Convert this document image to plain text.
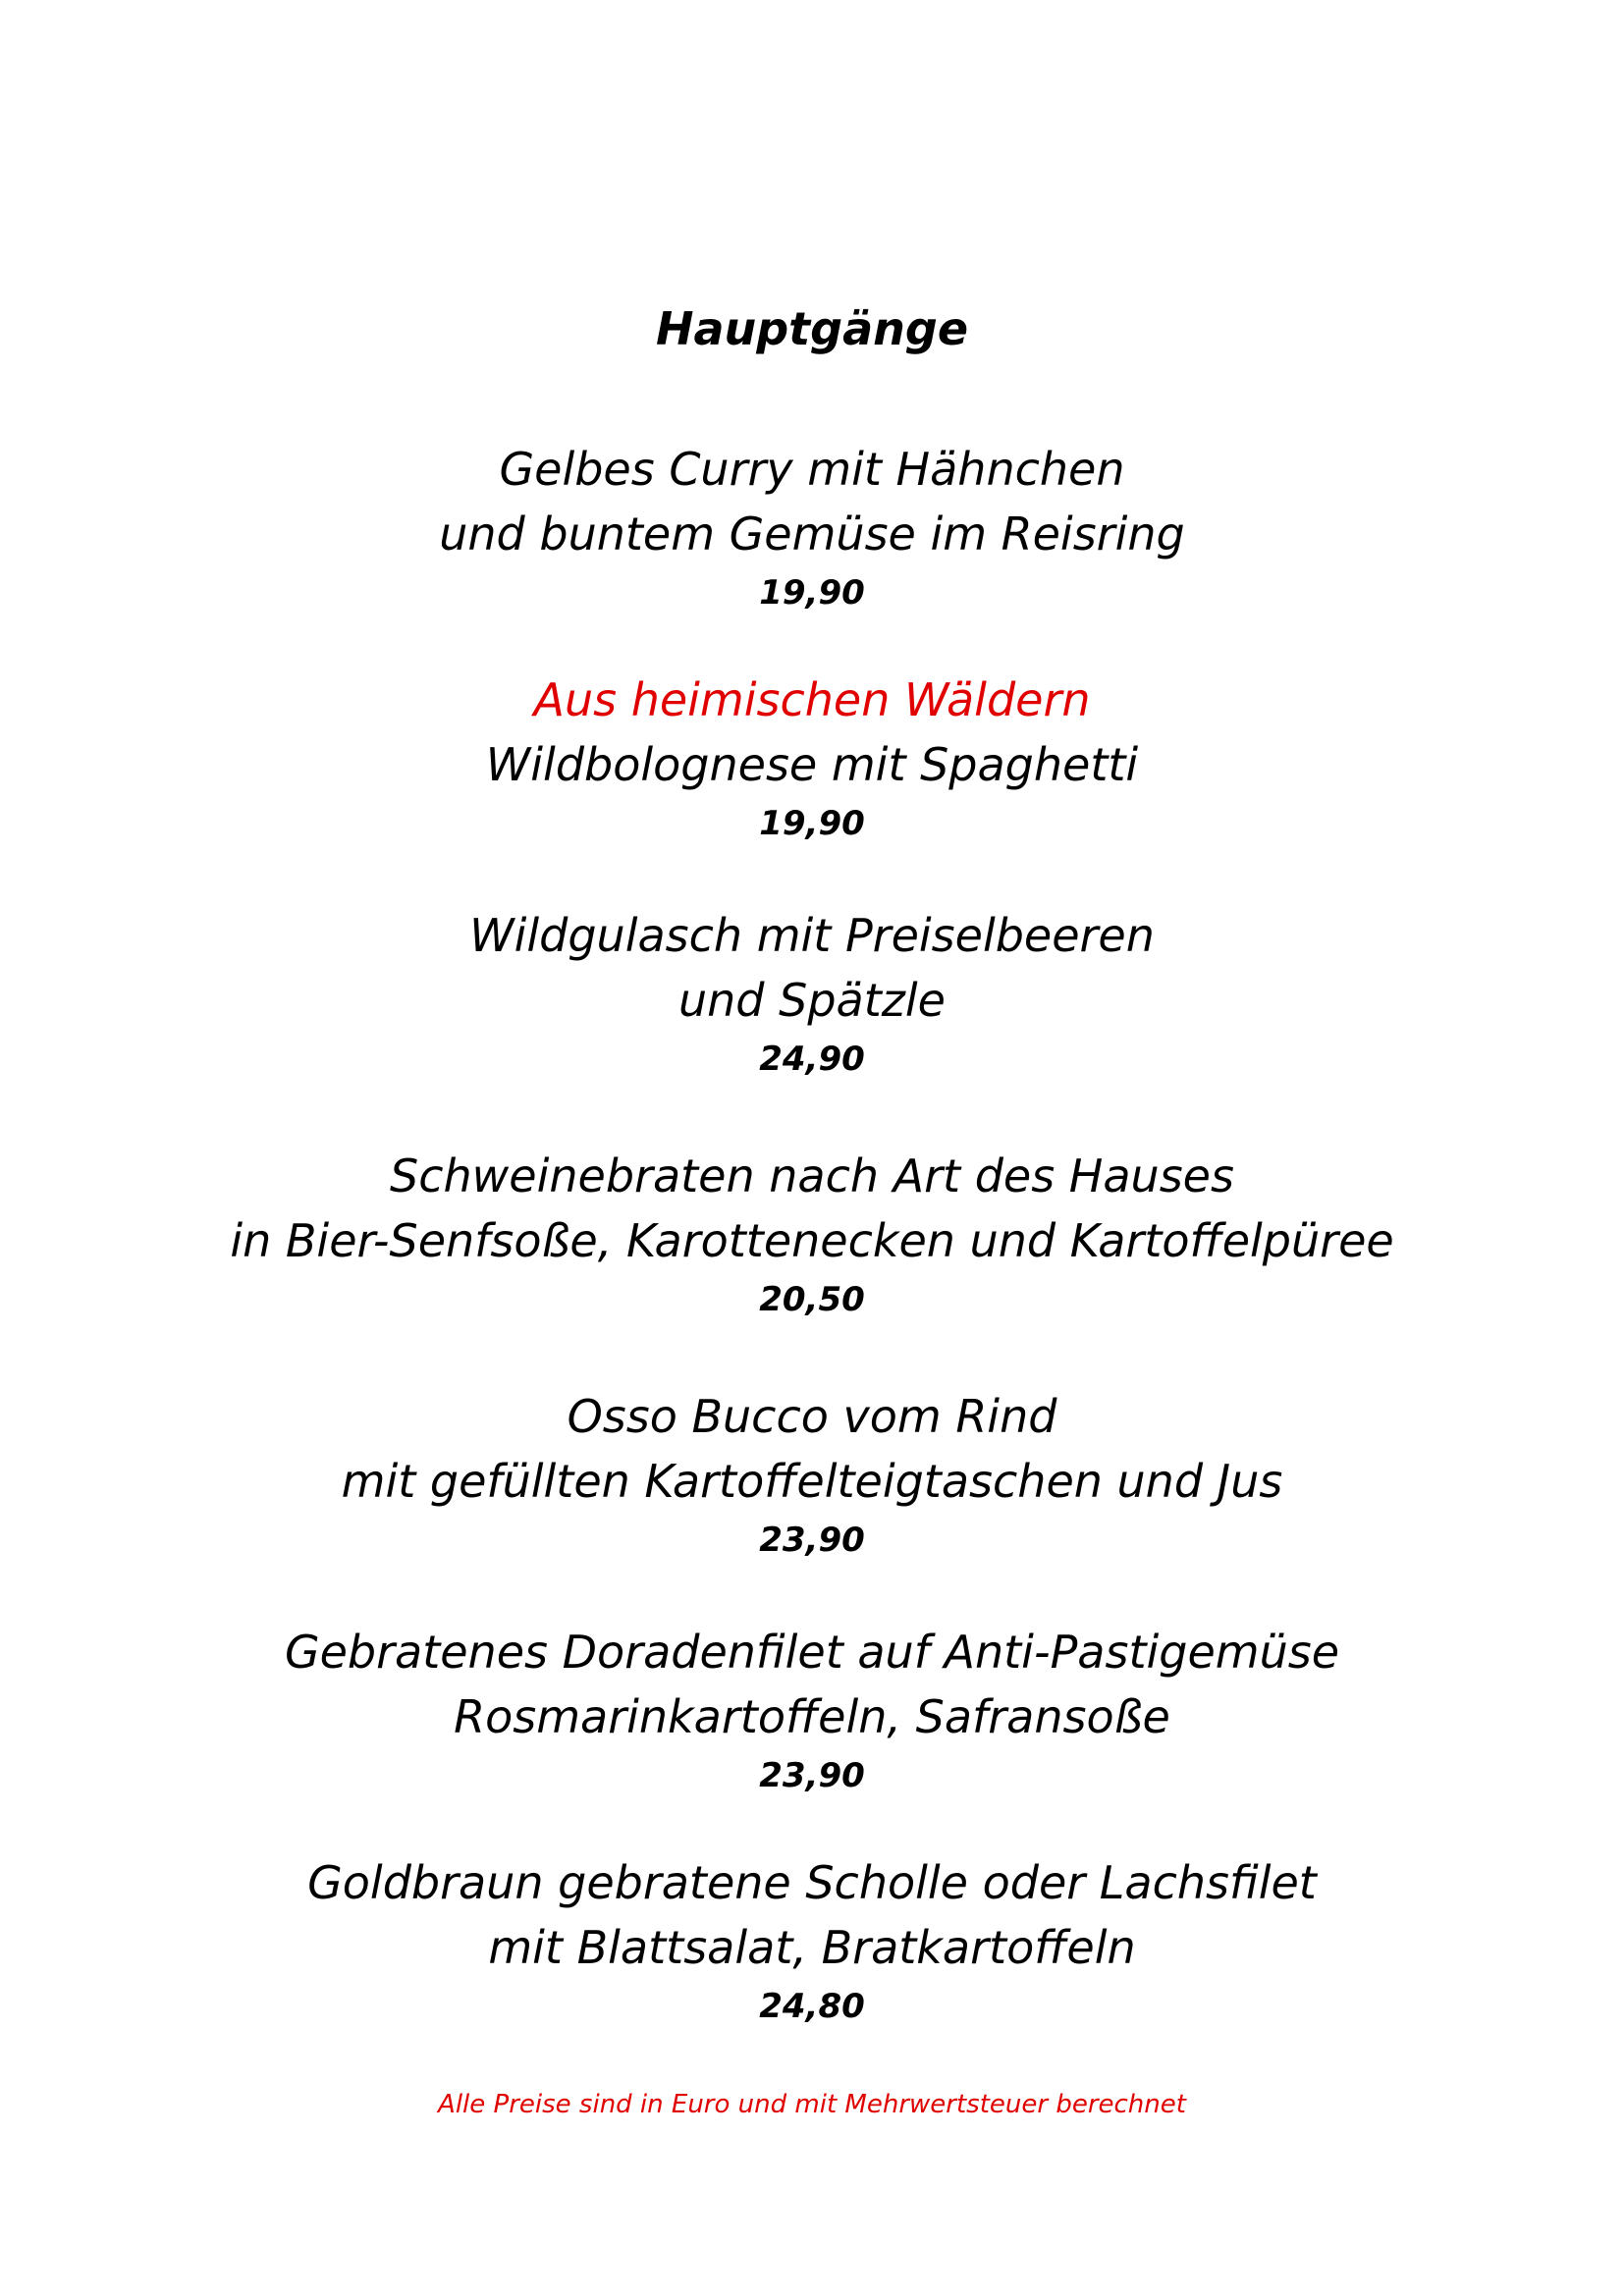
Hauptgänge
Gelbes Curry mit Hähnchen
und buntem Gemüse im Reisring
19,90
Aus heimischen Wäldern
Wildbolognese mit Spaghetti
19,90
Wildgulasch mit Preiselbeeren
und Spätzle
24,90
Schweinebraten nach Art des Hauses
in Bier-Senfsoße, Karottenecken und Kartoffelpüree
20,50
Osso Bucco vom Rind
mit gefüllten Kartoffelteigtaschen und Jus
23,90
Gebratenes Doradenfilet auf Anti-Pastigemüse
Rosmarinkartoffeln, Safransoße
23,90
Goldbraun gebratene Scholle oder Lachsfilet
mit Blattsalat, Bratkartoffeln
24,80
Alle Preise sind in Euro und mit Mehrwertsteuer berechnet
